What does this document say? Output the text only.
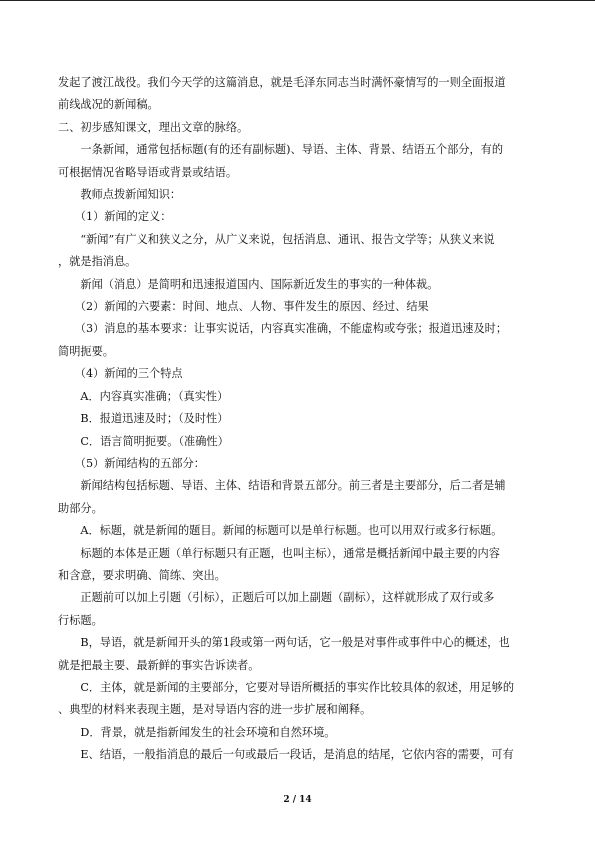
发起了渡江战役。我们今天学的这篇消息，就是毛泽东同志当时满怀豪情写的一则全面报道

前线战况的新闻稿。

二、初步感知课文，理出文章的脉络。

　　一条新闻，通常包括标题(有的还有副标题)、导语、主体、背景、结语五个部分，有的

可根据情况省略导语或背景或结语。

　　教师点拨新闻知识：

　　（1）新闻的定义：

　　“新闻”有广义和狭义之分，从广义来说，包括消息、通讯、报告文学等；从狭义来说

，就是指消息。

　　新闻（消息）是简明和迅速报道国内、国际新近发生的事实的一种体裁。

　　（2）新闻的六要素：时间、地点、人物、事件发生的原因、经过、结果

　　（3）消息的基本要求：让事实说话，内容真实准确，不能虚构或夸张；报道迅速及时；

简明扼要。

　　（4）新闻的三个特点

　　A．内容真实准确；（真实性）

　　B．报道迅速及时；（及时性）

　　C．语言简明扼要。（准确性）

　　（5）新闻结构的五部分：

　　新闻结构包括标题、导语、主体、结语和背景五部分。前三者是主要部分，后二者是辅

助部分。

　　A．标题，就是新闻的题目。新闻的标题可以是单行标题。也可以用双行或多行标题。

　　标题的本体是正题（单行标题只有正题，也叫主标），通常是概括新闻中最主要的内容

和含意，要求明确、简练、突出。

　　正题前可以加上引题（引标），正题后可以加上副题（副标），这样就形成了双行或多

行标题。

　　B，导语，就是新闻开头的第1段或第一两句话，它一般是对事件或事件中心的概述，也

就是把最主要、最新鲜的事实告诉读者。

　　C．主体，就是新闻的主要部分，它要对导语所概括的事实作比较具体的叙述，用足够的

、典型的材料来表现主题，是对导语内容的进一步扩展和阐释。

　　D．背景，就是指新闻发生的社会环境和自然环境。

　　E、结语，一般指消息的最后一句或最后一段话，是消息的结尾，它依内容的需要，可有

2 / 14
